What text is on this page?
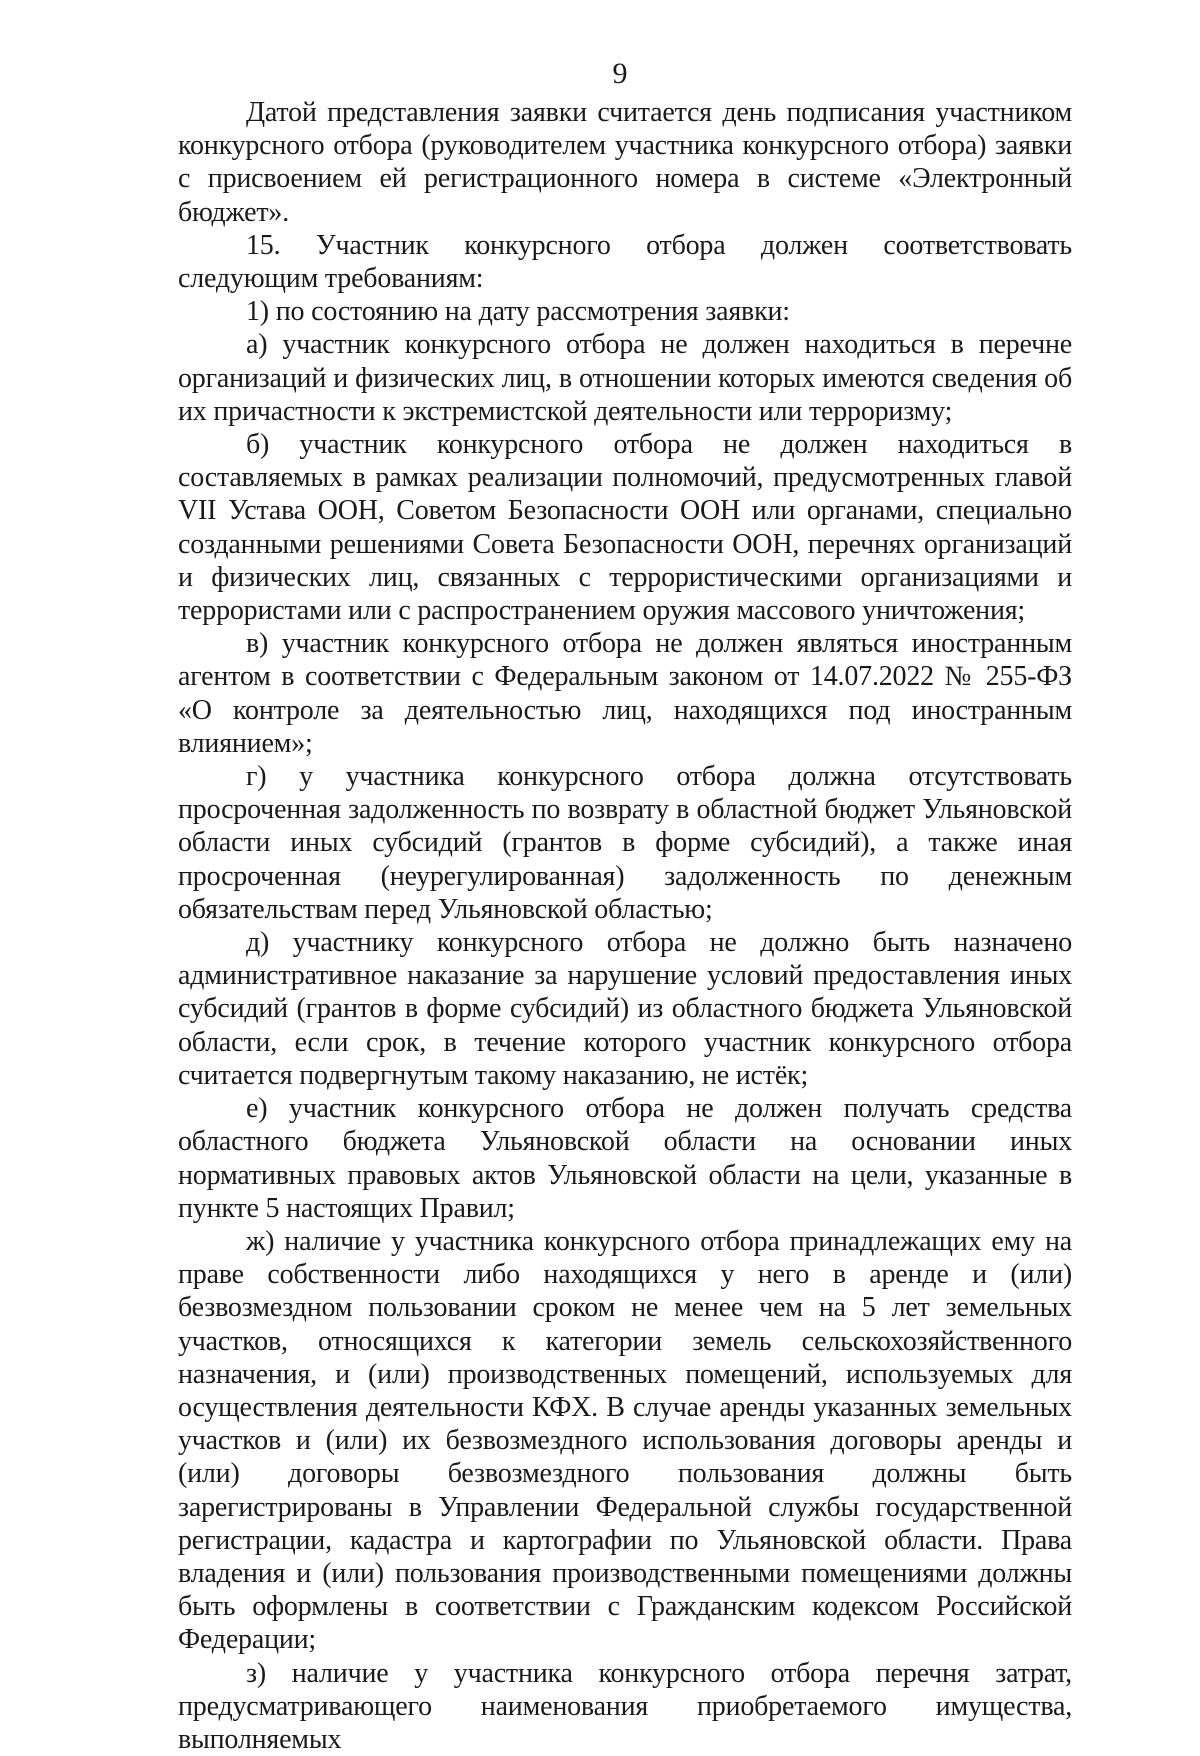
9

Датой представления заявки считается день подписания участником конкурсного отбора (руководителем участника конкурсного отбора) заявки с присвоением ей регистрационного номера в системе «Электронный бюджет».

15. Участник конкурсного отбора должен соответствовать следующим требованиям:

1) по состоянию на дату рассмотрения заявки:

а) участник конкурсного отбора не должен находиться в перечне организаций и физических лиц, в отношении которых имеются сведения об их причастности к экстремистской деятельности или терроризму;

б) участник конкурсного отбора не должен находиться в составляемых в рамках реализации полномочий, предусмотренных главой VII Устава ООН, Советом Безопасности ООН или органами, специально созданными решениями Совета Безопасности ООН, перечнях организаций и физических лиц, связанных с террористическими организациями и террористами или с распространением оружия массового уничтожения;

в) участник конкурсного отбора не должен являться иностранным агентом в соответствии с Федеральным законом от 14.07.2022 № 255-ФЗ «О контроле за деятельностью лиц, находящихся под иностранным влиянием»;

г) у участника конкурсного отбора должна отсутствовать просроченная задолженность по возврату в областной бюджет Ульяновской области иных субсидий (грантов в форме субсидий), а также иная просроченная (неурегулированная) задолженность по денежным обязательствам перед Ульяновской областью;

д) участнику конкурсного отбора не должно быть назначено административное наказание за нарушение условий предоставления иных субсидий (грантов в форме субсидий) из областного бюджета Ульяновской области, если срок, в течение которого участник конкурсного отбора считается подвергнутым такому наказанию, не истёк;

е) участник конкурсного отбора не должен получать средства областного бюджета Ульяновской области на основании иных нормативных правовых актов Ульяновской области на цели, указанные в пункте 5 настоящих Правил;

ж) наличие у участника конкурсного отбора принадлежащих ему на праве собственности либо находящихся у него в аренде и (или) безвозмездном пользовании сроком не менее чем на 5 лет земельных участков, относящихся к категории земель сельскохозяйственного назначения, и (или) производственных помещений, используемых для осуществления деятельности КФХ. В случае аренды указанных земельных участков и (или) их безвозмездного использования договоры аренды и (или) договоры безвозмездного пользования должны быть зарегистрированы в Управлении Федеральной службы государственной регистрации, кадастра и картографии по Ульяновской области. Права владения и (или) пользования производственными помещениями должны быть оформлены в соответствии с Гражданским кодексом Российской Федерации;

з) наличие у участника конкурсного отбора перечня затрат, предусматривающего наименования приобретаемого имущества, выполняемых
